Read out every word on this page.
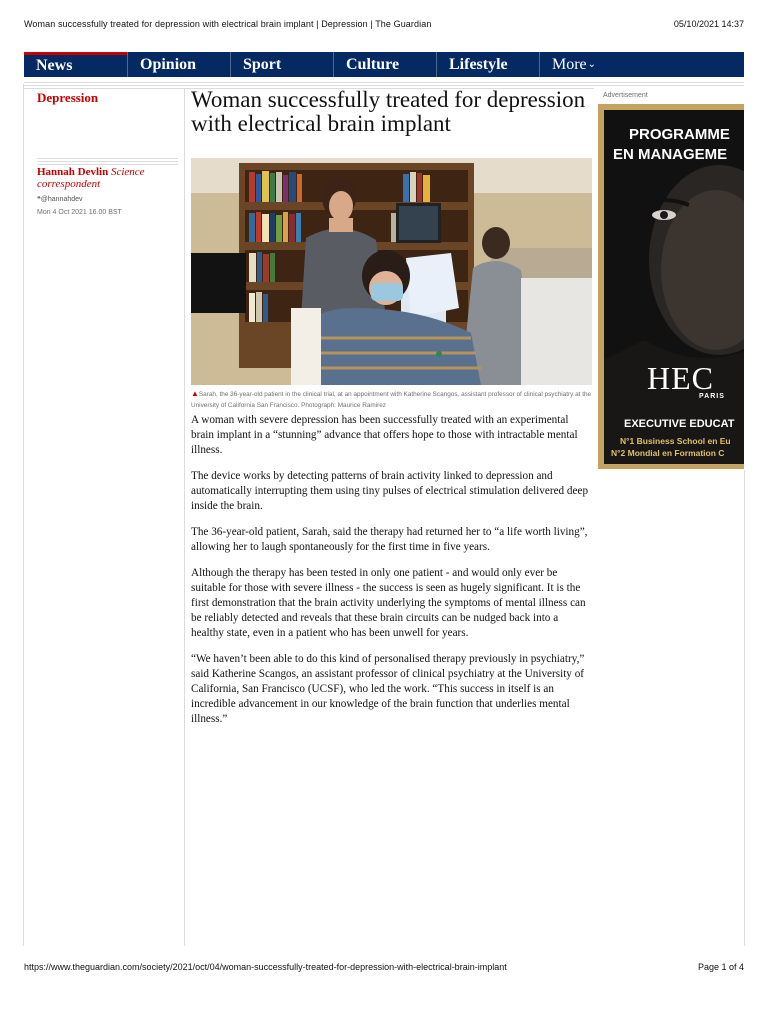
Woman successfully treated for depression with electrical brain implant | Depression | The Guardian	05/10/2021 14:37
News	Opinion	Sport	Culture	Lifestyle	More⌄
Depression
Hannah Devlin Science correspondent
❝@hannahdev
Mon 4 Oct 2021 16.00 BST
Woman successfully treated for depression with electrical brain implant
▲Sarah, the 36-year-old patient in the clinical trial, at an appointment with Katherine Scangos, assistant professor of clinical psychiatry at the University of California San Francisco. Photograph: Maurice Ramirez

A woman with severe depression has been successfully treated with an experimental brain implant in a “stunning” advance that offers hope to those with intractable mental illness.

The device works by detecting patterns of brain activity linked to depression and automatically interrupting them using tiny pulses of electrical stimulation delivered deep inside the brain.

The 36-year-old patient, Sarah, said the therapy had returned her to “a life worth living”, allowing her to laugh spontaneously for the first time in five years.

Although the therapy has been tested in only one patient - and would only ever be suitable for those with severe illness - the success is seen as hugely significant. It is the first demonstration that the brain activity underlying the symptoms of mental illness can be reliably detected and reveals that these brain circuits can be nudged back into a healthy state, even in a patient who has been unwell for years.

“We haven’t been able to do this kind of personalised therapy previously in psychiatry,” said Katherine Scangos, an assistant professor of clinical psychiatry at the University of California, San Francisco (UCSF), who led the work. “This success in itself is an incredible advancement in our knowledge of the brain function that underlies mental illness.”

Advertisement
PROGRAMME
EN MANAGEME
HEC
PARIS
EXECUTIVE EDUCAT
N°1 Business School en Eu
N°2 Mondial en Formation C
https://www.theguardian.com/society/2021/oct/04/woman-successfully-treated-for-depression-with-electrical-brain-implant	Page 1 of 4
